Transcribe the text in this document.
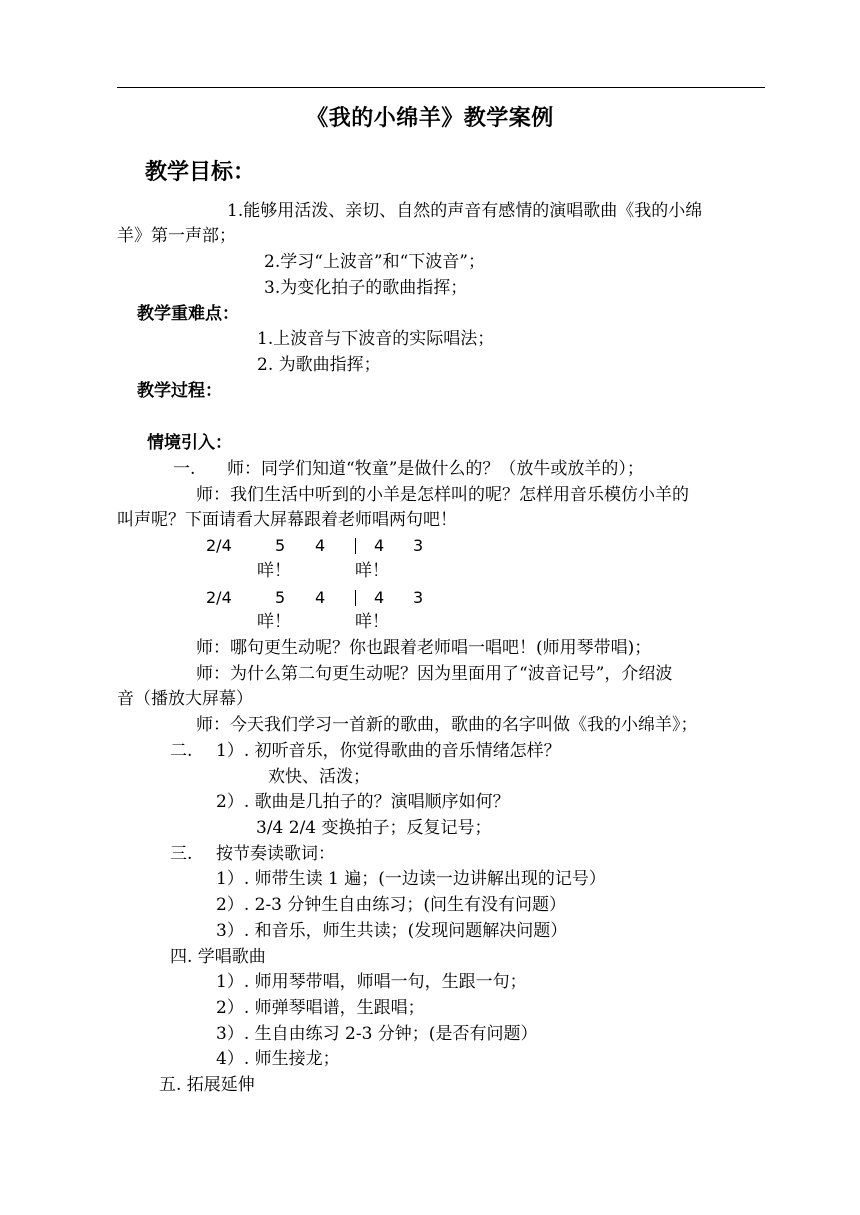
《我的小绵羊》教学案例
教学目标：
1.能够用活泼、亲切、自然的声音有感情的演唱歌曲《我的小绵
羊》第一声部；
2.学习“上波音”和“下波音”；
3.为变化拍子的歌曲指挥；
教学重难点：
1.上波音与下波音的实际唱法；
2. 为歌曲指挥；
教学过程：
情境引入：
一. 师：同学们知道“牧童”是做什么的？（放牛或放羊的）；
师：我们生活中听到的小羊是怎样叫的呢？怎样用音乐模仿小羊的
叫声呢？下面请看大屏幕跟着老师唱两句吧！
2/4	5 4	4 3
咩！	咩！
2/4	5 4	4 3
咩！	咩！
师：哪句更生动呢？你也跟着老师唱一唱吧！(师用琴带唱)；
师：为什么第二句更生动呢？因为里面用了“波音记号”，介绍波
音（播放大屏幕）
师：今天我们学习一首新的歌曲，歌曲的名字叫做《我的小绵羊》；
二. 1）. 初听音乐，你觉得歌曲的音乐情绪怎样？
欢快、活泼；
2）. 歌曲是几拍子的？演唱顺序如何？
3/4 2/4 变换拍子；反复记号；
三. 按节奏读歌词：
1）. 师带生读 1 遍；(一边读一边讲解出现的记号）
2）. 2-3 分钟生自由练习；(问生有没有问题）
3）. 和音乐，师生共读；(发现问题解决问题）
四. 学唱歌曲
1）. 师用琴带唱，师唱一句，生跟一句；
2）. 师弹琴唱谱，生跟唱；
3）. 生自由练习 2-3 分钟；(是否有问题）
4）. 师生接龙；
五. 拓展延伸
